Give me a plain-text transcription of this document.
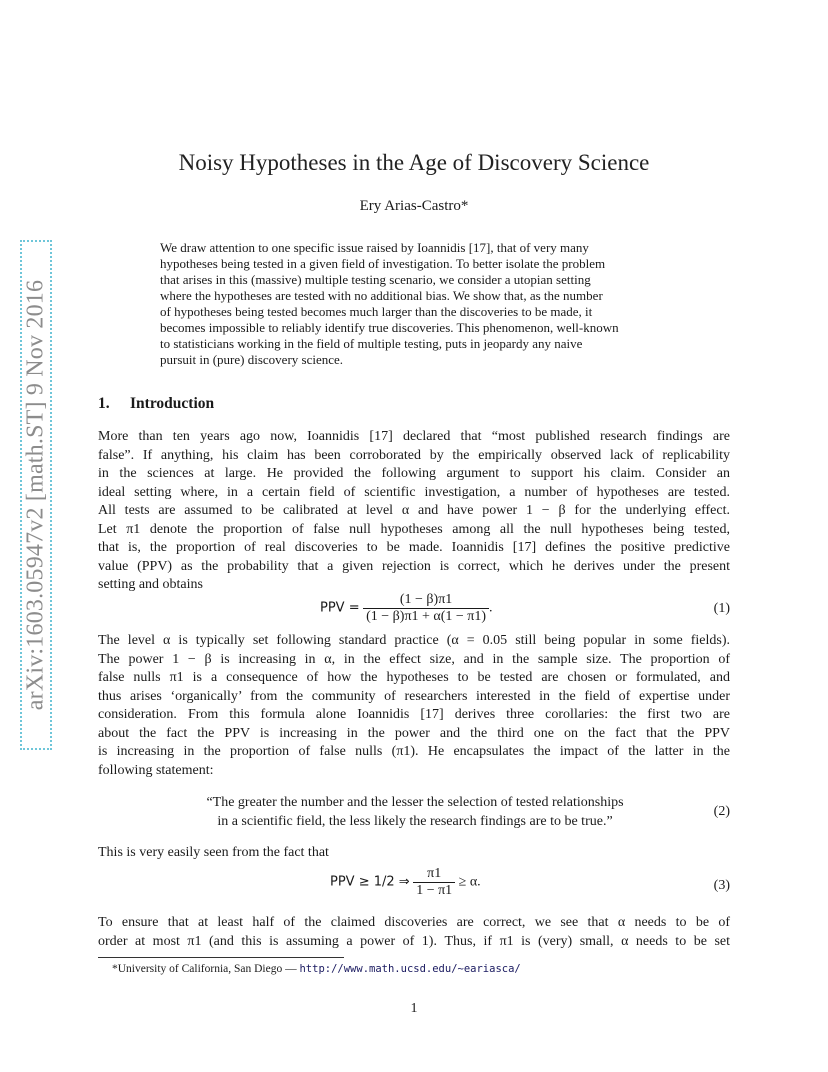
arXiv:1603.05947v2 [math.ST] 9 Nov 2016
Noisy Hypotheses in the Age of Discovery Science
Ery Arias-Castro*
We draw attention to one specific issue raised by Ioannidis [17], that of very many
hypotheses being tested in a given field of investigation. To better isolate the problem
that arises in this (massive) multiple testing scenario, we consider a utopian setting
where the hypotheses are tested with no additional bias. We show that, as the number
of hypotheses being tested becomes much larger than the discoveries to be made, it
becomes impossible to reliably identify true discoveries. This phenomenon, well-known
to statisticians working in the field of multiple testing, puts in jeopardy any naive
pursuit in (pure) discovery science.
1. Introduction
More than ten years ago now, Ioannidis [17] declared that “most published research findings are
false”. If anything, his claim has been corroborated by the empirically observed lack of replicability
in the sciences at large. He provided the following argument to support his claim. Consider an
ideal setting where, in a certain field of scientific investigation, a number of hypotheses are tested.
All tests are assumed to be calibrated at level α and have power 1 − β for the underlying effect.
Let π1 denote the proportion of false null hypotheses among all the null hypotheses being tested,
that is, the proportion of real discoveries to be made. Ioannidis [17] defines the positive predictive
value (PPV) as the probability that a given rejection is correct, which he derives under the present
setting and obtains
PPV = $\frac{(1 - \beta)\pi 1}{(1 - \beta)\pi 1 + \alpha(1 - \pi 1)}$ .	(1)
The level α is typically set following standard practice (α = 0.05 still being popular in some fields).
The power 1 − β is increasing in α, in the effect size, and in the sample size. The proportion of
false nulls π1 is a consequence of how the hypotheses to be tested are chosen or formulated, and
thus arises ‘organically’ from the community of researchers interested in the field of expertise under
consideration. From this formula alone Ioannidis [17] derives three corollaries: the first two are
about the fact the PPV is increasing in the power and the third one on the fact that the PPV
is increasing in the proportion of false nulls (π1). He encapsulates the impact of the latter in the
following statement:
“The greater the number and the lesser the selection of tested relationships
in a scientific field, the less likely the research findings are to be true.”
(2)
This is very easily seen from the fact that
PPV ≥ 1/2 ⇒ $\frac{\pi 1}{1 - \pi 1} \ge \alpha$.	(3)
To ensure that at least half of the claimed discoveries are correct, we see that α needs to be of
order at most π1 (and this is assuming a power of 1). Thus, if π1 is (very) small, α needs to be set
*University of California, San Diego — http://www.math.ucsd.edu/~eariasca/
1
